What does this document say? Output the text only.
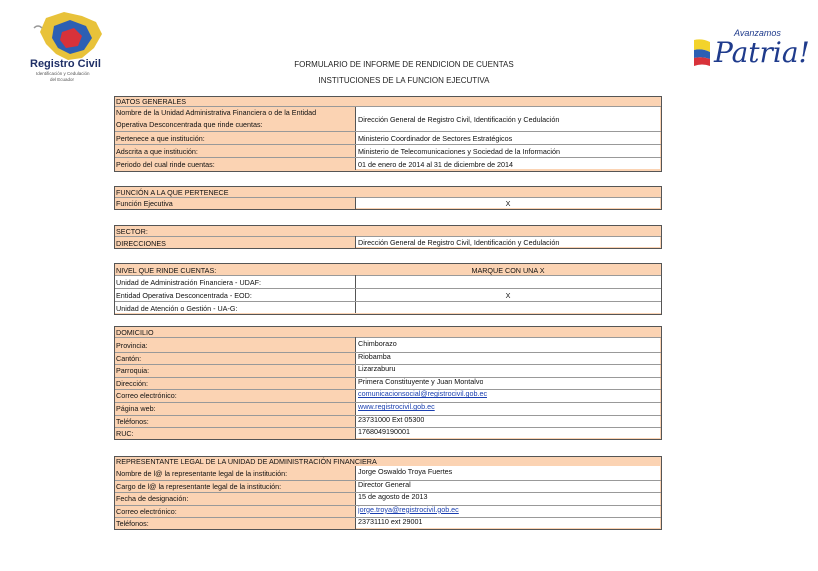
Registro Civil
Identificación y Cedulación
del Ecuador
Avanzamos
Patria!
FORMULARIO DE INFORME DE RENDICION DE CUENTAS
INSTITUCIONES DE LA FUNCION EJECUTIVA
DATOS GENERALES
Nombre de la Unidad Administrativa Financiera o de la Entidad
Operativa Desconcentrada que rinde cuentas:
Dirección General de Registro Civil, Identificación y Cedulación
Pertenece a que institución:	Ministerio Coordinador de Sectores Estratégicos
Adscrita a que institución:	Ministerio de Telecomunicaciones y Sociedad de la Información
Periodo del cual rinde cuentas:	01 de enero de 2014 al 31 de diciembre de 2014
FUNCIÓN A LA QUE PERTENECE
Función Ejecutiva	X
SECTOR:
DIRECCIONES	Dirección General de Registro Civil, Identificación y Cedulación
NIVEL QUE RINDE CUENTAS:	MARQUE CON UNA X
Unidad de Administración Financiera - UDAF:
Entidad Operativa Desconcentrada - EOD:	X
Unidad de Atención o Gestión - UA-G:
DOMICILIO
Provincia:	Chimborazo
Cantón:	Riobamba
Parroquia:	Lizarzaburu
Dirección:	Primera Constituyente y Juan Montalvo
Correo electrónico:	comunicacionsocial@registrocivil.gob.ec
Página web:	www.registrocivil.gob.ec
Teléfonos:	23731000 Ext 05300
RUC:	1768049190001
REPRESENTANTE LEGAL DE LA UNIDAD DE ADMINISTRACIÓN FINANCIERA
Nombre de l@ la representante legal de la institución:	Jorge Oswaldo Troya Fuertes
Cargo de l@ la representante legal de la institución:	Director General
Fecha de designación:	15 de agosto de 2013
Correo electrónico:	jorge.troya@registrocivil.gob.ec
Teléfonos:	23731110 ext 29001
